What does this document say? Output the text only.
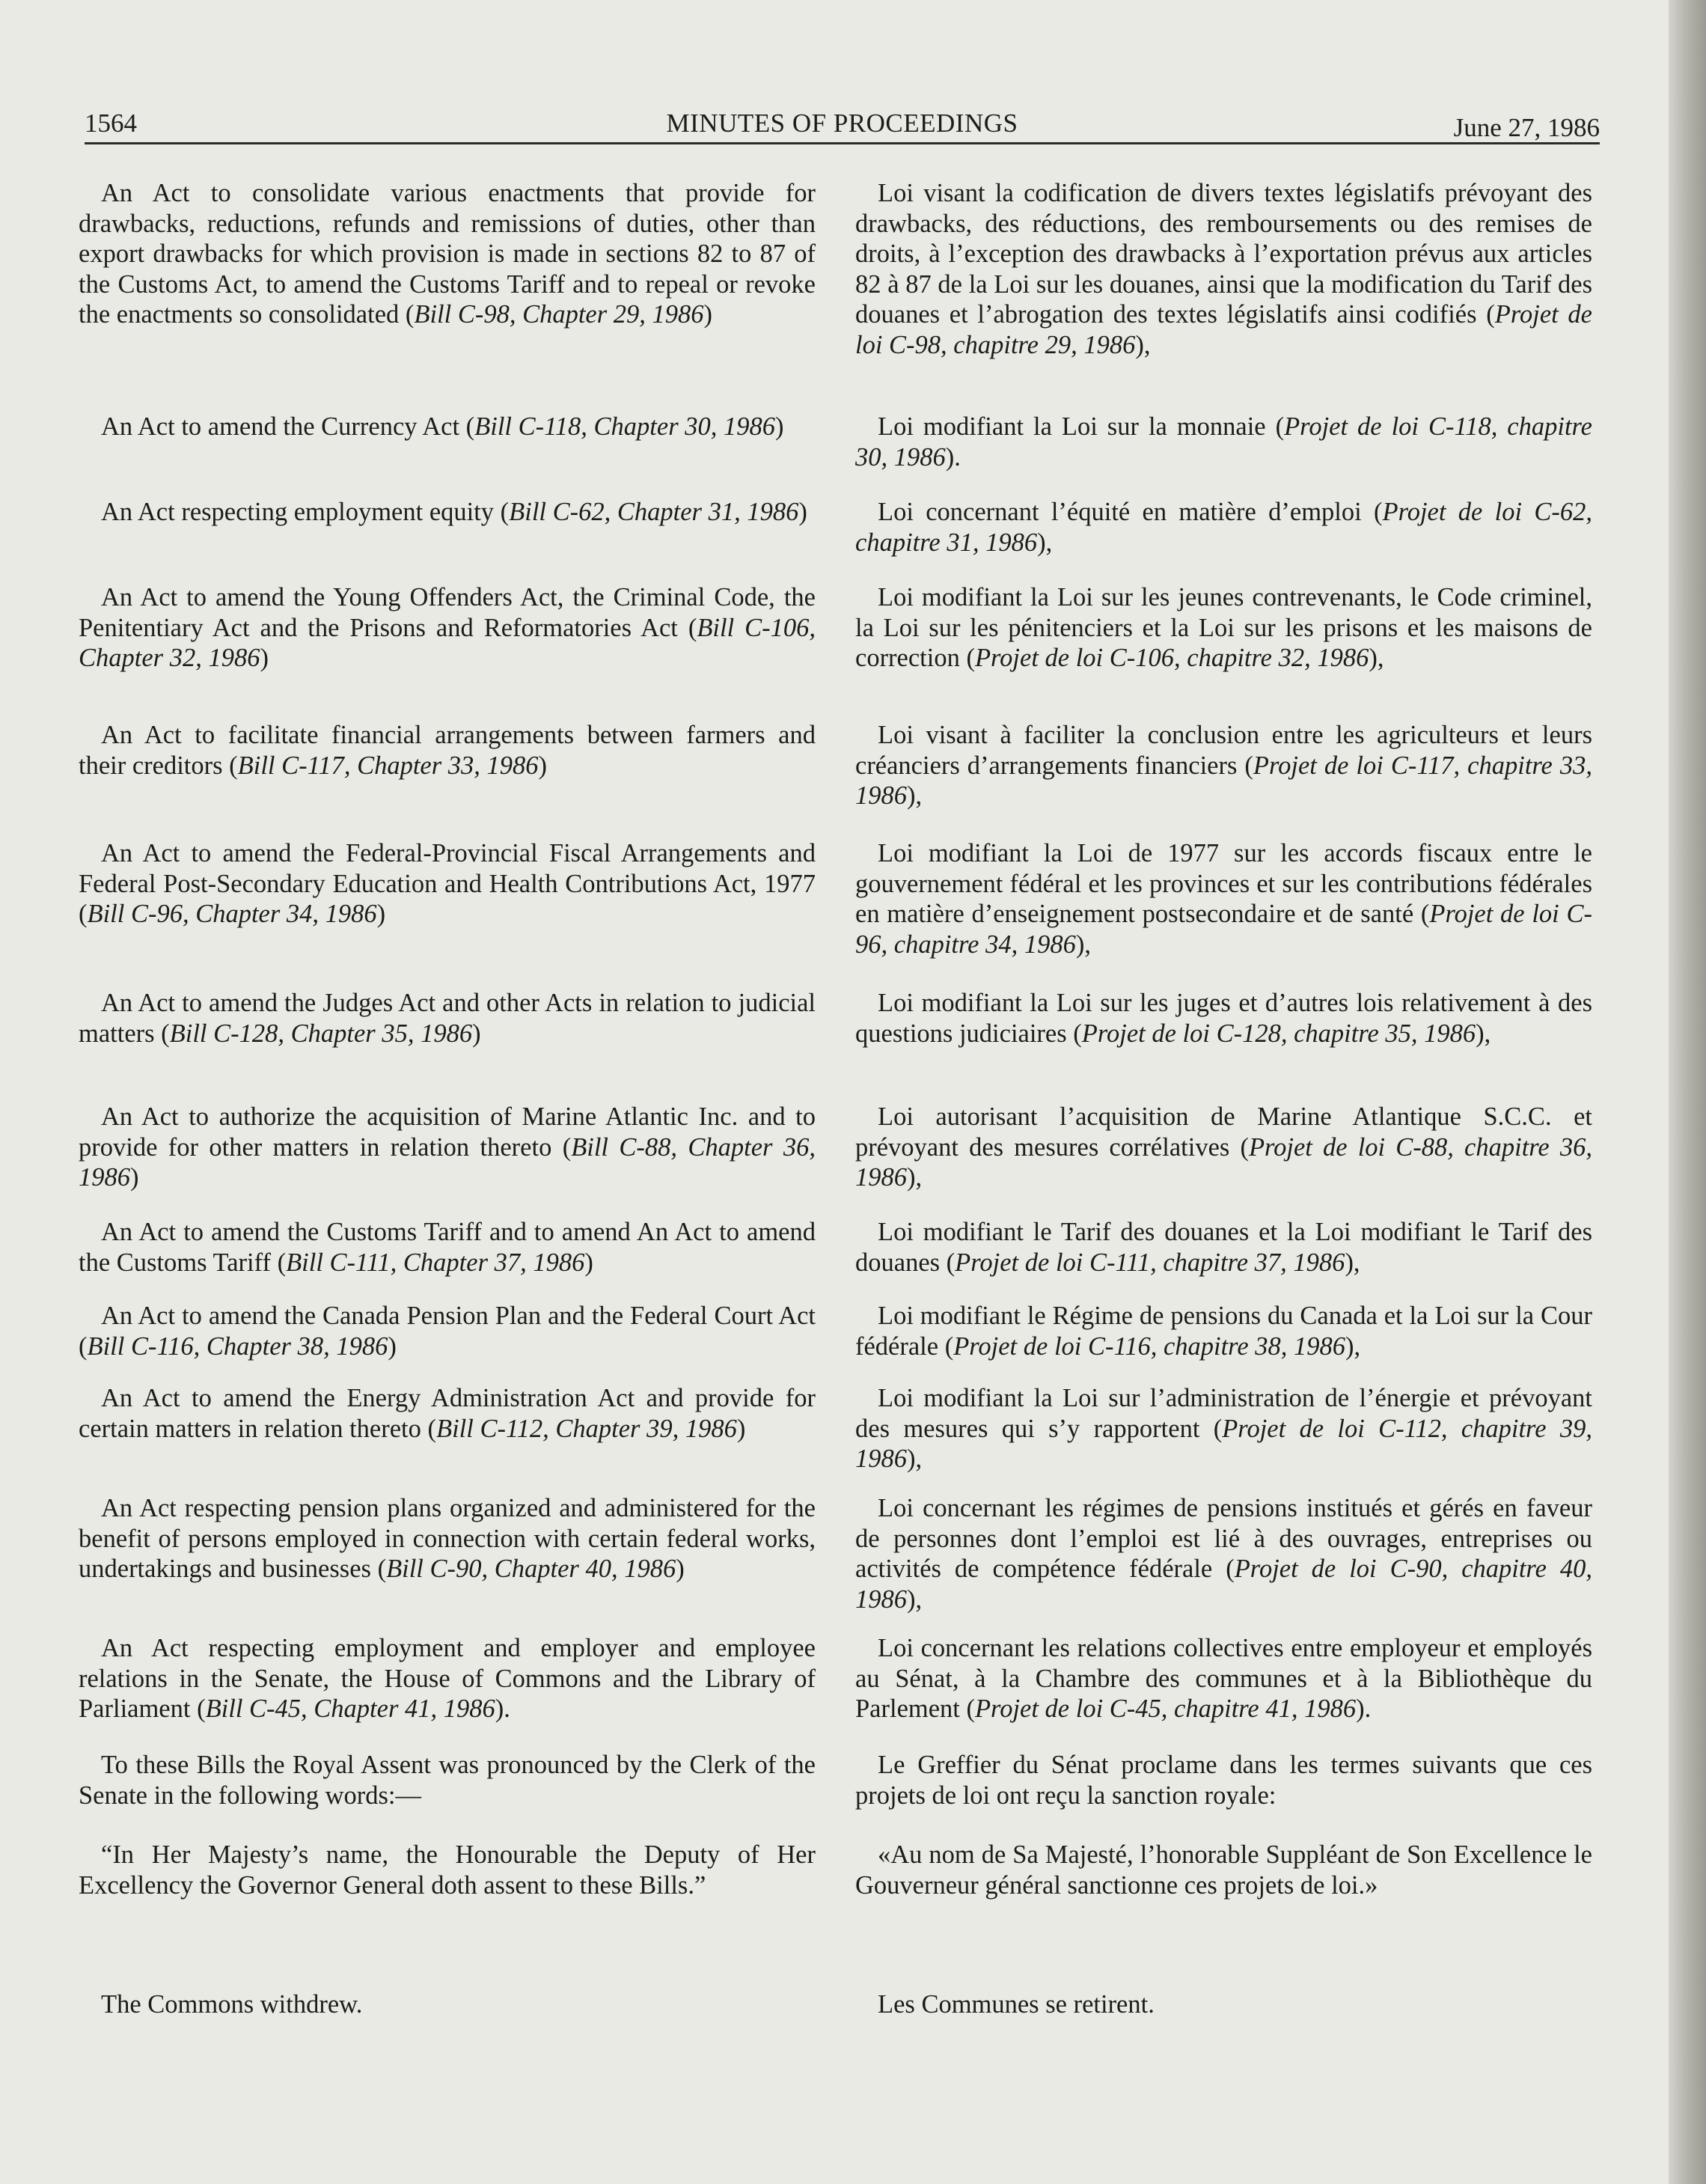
1564	MINUTES OF PROCEEDINGS	June 27, 1986

An Act to consolidate various enactments that provide for drawbacks, reductions, refunds and remissions of duties, other than export drawbacks for which provision is made in sections 82 to 87 of the Customs Act, to amend the Customs Tariff and to repeal or revoke the enactments so consolidated (Bill C-98, Chapter 29, 1986)

An Act to amend the Currency Act (Bill C-118, Chapter 30, 1986)

An Act respecting employment equity (Bill C-62, Chapter 31, 1986)

An Act to amend the Young Offenders Act, the Criminal Code, the Penitentiary Act and the Prisons and Reformatories Act (Bill C-106, Chapter 32, 1986)

An Act to facilitate financial arrangements between farmers and their creditors (Bill C-117, Chapter 33, 1986)

An Act to amend the Federal-Provincial Fiscal Arrangements and Federal Post-Secondary Education and Health Contributions Act, 1977 (Bill C-96, Chapter 34, 1986)

An Act to amend the Judges Act and other Acts in relation to judicial matters (Bill C-128, Chapter 35, 1986)

An Act to authorize the acquisition of Marine Atlantic Inc. and to provide for other matters in relation thereto (Bill C-88, Chapter 36, 1986)

An Act to amend the Customs Tariff and to amend An Act to amend the Customs Tariff (Bill C-111, Chapter 37, 1986)

An Act to amend the Canada Pension Plan and the Federal Court Act (Bill C-116, Chapter 38, 1986)

An Act to amend the Energy Administration Act and provide for certain matters in relation thereto (Bill C-112, Chapter 39, 1986)

An Act respecting pension plans organized and administered for the benefit of persons employed in connection with certain federal works, undertakings and businesses (Bill C-90, Chapter 40, 1986)

An Act respecting employment and employer and employee relations in the Senate, the House of Commons and the Library of Parliament (Bill C-45, Chapter 41, 1986).

To these Bills the Royal Assent was pronounced by the Clerk of the Senate in the following words:—

“In Her Majesty’s name, the Honourable the Deputy of Her Excellency the Governor General doth assent to these Bills.”

The Commons withdrew.

Loi visant la codification de divers textes législatifs prévoyant des drawbacks, des réductions, des remboursements ou des remises de droits, à l’exception des drawbacks à l’exportation prévus aux articles 82 à 87 de la Loi sur les douanes, ainsi que la modification du Tarif des douanes et l’abrogation des textes législatifs ainsi codifiés (Projet de loi C-98, chapitre 29, 1986),

Loi modifiant la Loi sur la monnaie (Projet de loi C-118, chapitre 30, 1986).

Loi concernant l’équité en matière d’emploi (Projet de loi C-62, chapitre 31, 1986),

Loi modifiant la Loi sur les jeunes contrevenants, le Code criminel, la Loi sur les pénitenciers et la Loi sur les prisons et les maisons de correction (Projet de loi C-106, chapitre 32, 1986),

Loi visant à faciliter la conclusion entre les agriculteurs et leurs créanciers d’arrangements financiers (Projet de loi C-117, chapitre 33, 1986),

Loi modifiant la Loi de 1977 sur les accords fiscaux entre le gouvernement fédéral et les provinces et sur les contributions fédérales en matière d’enseignement postsecondaire et de santé (Projet de loi C-96, chapitre 34, 1986),

Loi modifiant la Loi sur les juges et d’autres lois relativement à des questions judiciaires (Projet de loi C-128, chapitre 35, 1986),

Loi autorisant l’acquisition de Marine Atlantique S.C.C. et prévoyant des mesures corrélatives (Projet de loi C-88, chapitre 36, 1986),

Loi modifiant le Tarif des douanes et la Loi modifiant le Tarif des douanes (Projet de loi C-111, chapitre 37, 1986),

Loi modifiant le Régime de pensions du Canada et la Loi sur la Cour fédérale (Projet de loi C-116, chapitre 38, 1986),

Loi modifiant la Loi sur l’administration de l’énergie et prévoyant des mesures qui s’y rapportent (Projet de loi C-112, chapitre 39, 1986),

Loi concernant les régimes de pensions institués et gérés en faveur de personnes dont l’emploi est lié à des ouvrages, entreprises ou activités de compétence fédérale (Projet de loi C-90, chapitre 40, 1986),

Loi concernant les relations collectives entre employeur et employés au Sénat, à la Chambre des communes et à la Bibliothèque du Parlement (Projet de loi C-45, chapitre 41, 1986).

Le Greffier du Sénat proclame dans les termes suivants que ces projets de loi ont reçu la sanction royale:

«Au nom de Sa Majesté, l’honorable Suppléant de Son Excellence le Gouverneur général sanctionne ces projets de loi.»

Les Communes se retirent.
